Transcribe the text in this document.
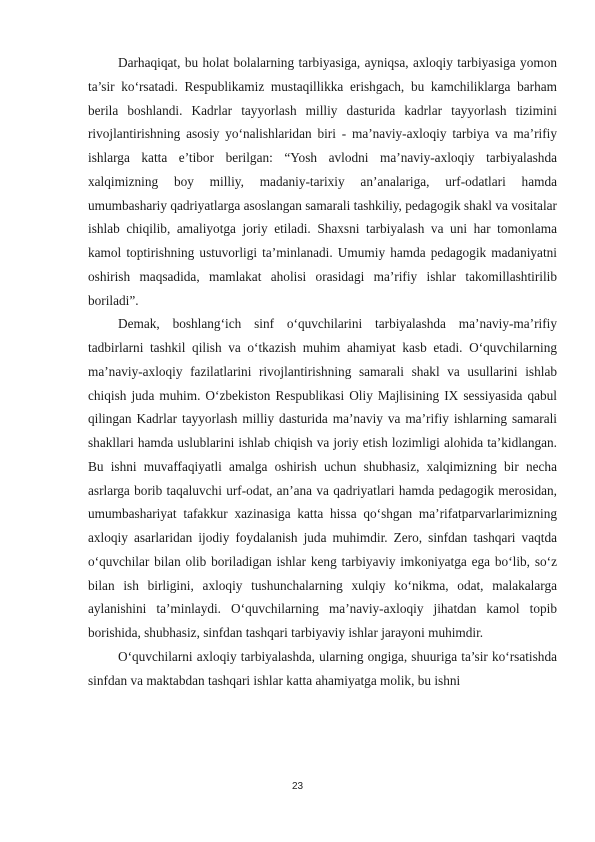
Darhaqiqat, bu holat bolalarning tarbiyasiga, ayniqsa, axloqiy tarbiyasiga yomon ta’sir ko‘rsatadi. Respublikamiz mustaqillikka erishgach, bu kamchiliklarga barham berila boshlandi. Kadrlar tayyorlash milliy dasturida kadrlar tayyorlash tizimini rivojlantirishning asosiy yo‘nalishlaridan biri - ma’naviy-axloqiy tarbiya va ma’rifiy ishlarga katta e’tibor berilgan: “Yosh avlodni ma’naviy-axloqiy tarbiyalashda xalqimizning boy milliy, madaniy-tarixiy an’analariga, urf-odatlari hamda umumbashariy qadriyatlarga asoslangan samarali tashkiliy, pedagogik shakl va vositalar ishlab chiqilib, amaliyotga joriy etiladi. Shaxsni tarbiyalash va uni har tomonlama kamol toptirishning ustuvorligi ta’minlanadi. Umumiy hamda pedagogik madaniyatni oshirish maqsadida, mamlakat aholisi orasidagi ma’rifiy ishlar takomillashtirilib boriladi”.

Demak, boshlang‘ich sinf o‘quvchilarini tarbiyalashda ma’naviy-ma’rifiy tadbirlarni tashkil qilish va o‘tkazish muhim ahamiyat kasb etadi. O‘quvchilarning ma’naviy-axloqiy fazilatlarini rivojlantirishning samarali shakl va usullarini ishlab chiqish juda muhim. O‘zbekiston Respublikasi Oliy Majlisining IX sessiyasida qabul qilingan Kadrlar tayyorlash milliy dasturida ma’naviy va ma’rifiy ishlarning samarali shakllari hamda uslublarini ishlab chiqish va joriy etish lozimligi alohida ta’kidlangan. Bu ishni muvaffaqiyatli amalga oshirish uchun shubhasiz, xalqimizning bir necha asrlarga borib taqaluvchi urf-odat, an’ana va qadriyatlari hamda pedagogik merosidan, umumbashariyat tafakkur xazinasiga katta hissa qo‘shgan ma’rifatparvarlarimizning axloqiy asarlaridan ijodiy foydalanish juda muhimdir. Zero, sinfdan tashqari vaqtda o‘quvchilar bilan olib boriladigan ishlar keng tarbiyaviy imkoniyatga ega bo‘lib, so‘z bilan ish birligini, axloqiy tushunchalarning xulqiy ko‘nikma, odat, malakalarga aylanishini ta’minlaydi. O‘quvchilarning ma’naviy-axloqiy jihatdan kamol topib borishida, shubhasiz, sinfdan tashqari tarbiyaviy ishlar jarayoni muhimdir.

O‘quvchilarni axloqiy tarbiyalashda, ularning ongiga, shuuriga ta’sir ko‘rsatishda sinfdan va maktabdan tashqari ishlar katta ahamiyatga molik, bu ishni

23
